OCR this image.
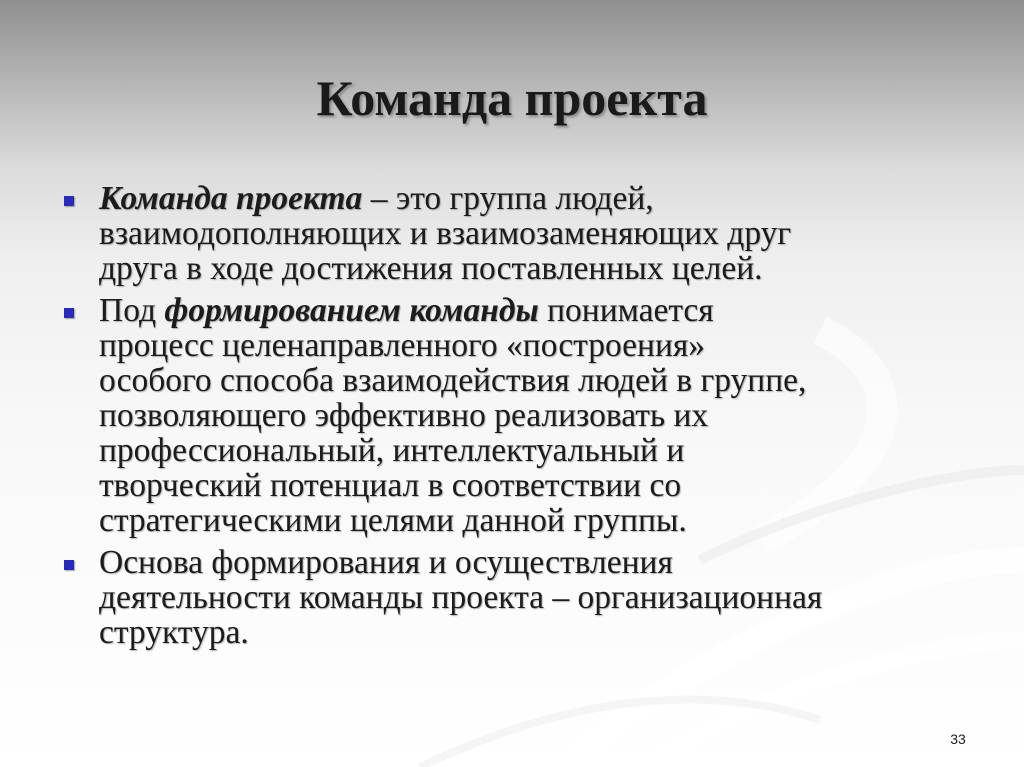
Команда проекта
Команда проекта – это группа людей,
взаимодополняющих и взаимозаменяющих друг
друга в ходе достижения поставленных целей.
Под формированием команды понимается
процесс целенаправленного «построения»
особого способа взаимодействия людей в группе,
позволяющего эффективно реализовать их
профессиональный, интеллектуальный и
творческий потенциал в соответствии со
стратегическими целями данной группы.
Основа формирования и осуществления
деятельности команды проекта – организационная
структура.
33
